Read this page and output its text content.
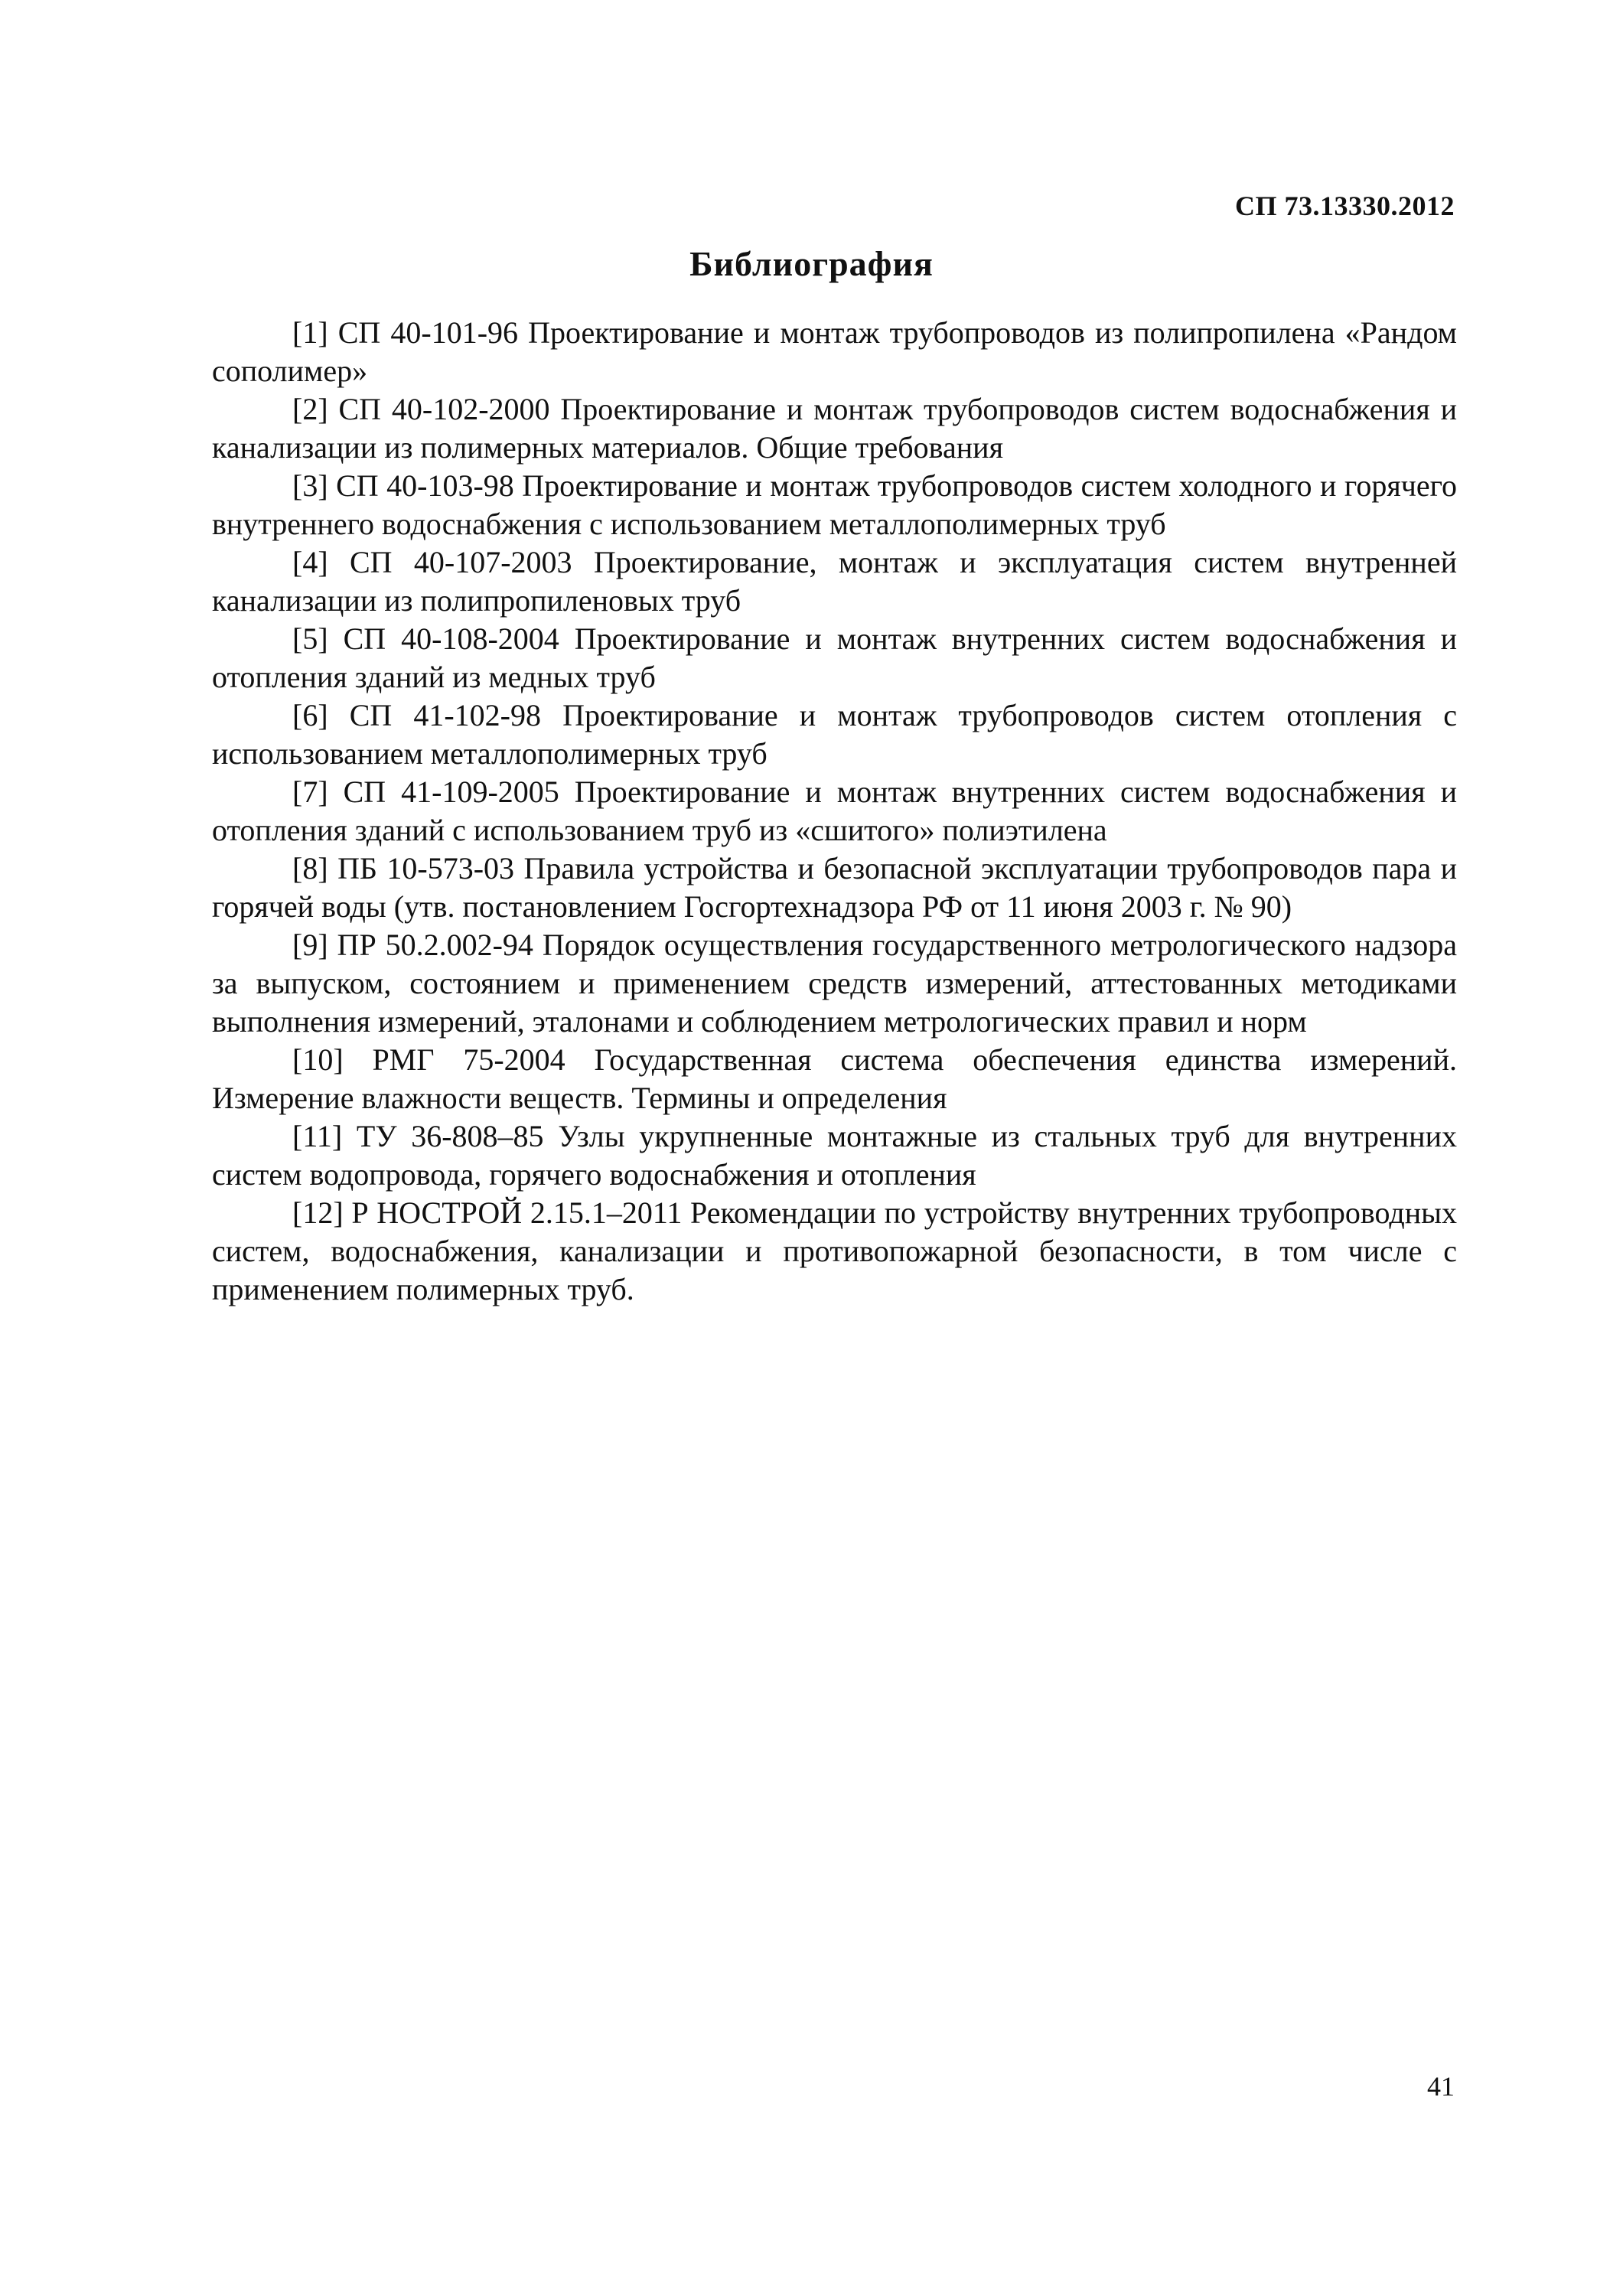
СП 73.13330.2012
Библиография

[1] СП 40-101-96 Проектирование и монтаж трубопроводов из полипропилена «Рандом сополимер»

[2] СП 40-102-2000 Проектирование и монтаж трубопроводов систем водоснабжения и канализации из полимерных материалов. Общие требования

[3] СП 40-103-98 Проектирование и монтаж трубопроводов систем холодного и горячего внутреннего водоснабжения с использованием металлополимерных труб

[4] СП 40-107-2003 Проектирование, монтаж и эксплуатация систем внутренней канализации из полипропиленовых труб

[5] СП 40-108-2004 Проектирование и монтаж внутренних систем водоснабжения и отопления зданий из медных труб

[6] СП 41-102-98 Проектирование и монтаж трубопроводов систем отопления с использованием металлополимерных труб

[7] СП 41-109-2005 Проектирование и монтаж внутренних систем водоснабжения и отопления зданий с использованием труб из «сшитого» полиэтилена

[8] ПБ 10-573-03 Правила устройства и безопасной эксплуатации трубопроводов пара и горячей воды (утв. постановлением Госгортехнадзора РФ от 11 июня 2003 г. № 90)

[9] ПР 50.2.002-94 Порядок осуществления государственного метрологического надзора за выпуском, состоянием и применением средств измерений, аттестованных методиками выполнения измерений, эталонами и соблюдением метрологических правил и норм

[10] РМГ 75-2004 Государственная система обеспечения единства измерений. Измерение влажности веществ. Термины и определения

[11] ТУ 36-808–85 Узлы укрупненные монтажные из стальных труб для внутренних систем водопровода, горячего водоснабжения и отопления

[12] Р НОСТРОЙ 2.15.1–2011 Рекомендации по устройству внутренних трубопроводных систем, водоснабжения, канализации и противопожарной безопасности, в том числе с применением полимерных труб.

41
